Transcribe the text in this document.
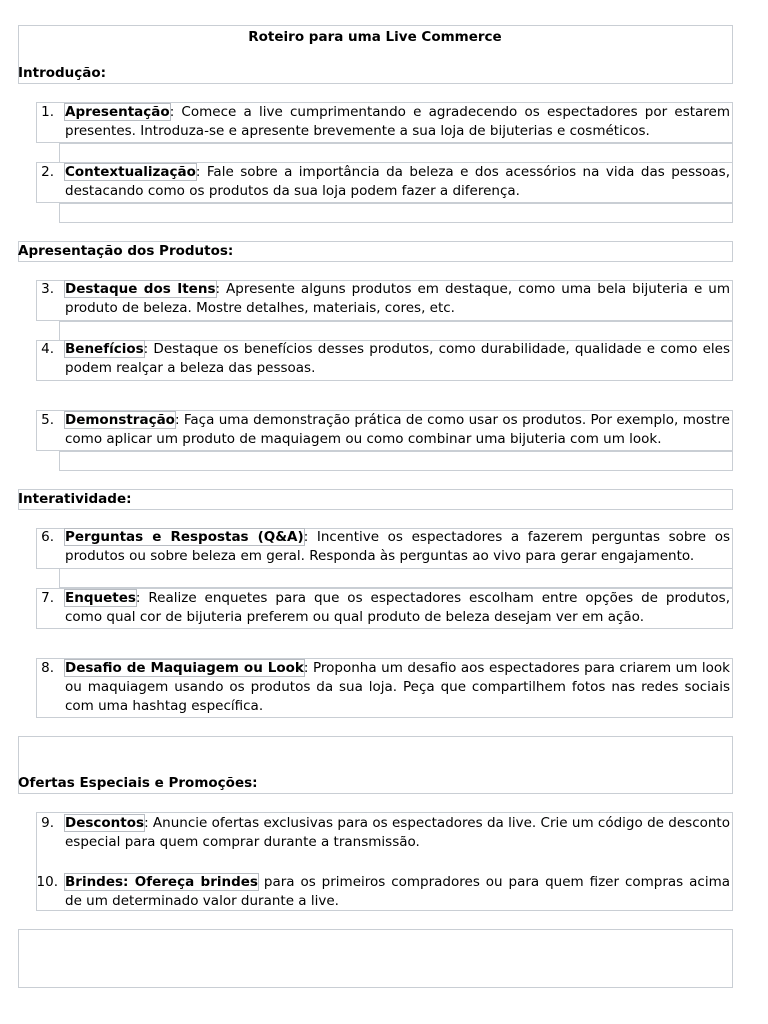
Roteiro para uma Live Commerce
Introdução:
Apresentação dos Produtos:
Interatividade:
Ofertas Especiais e Promoções:
1. Apresentação: Comece a live cumprimentando e agradecendo os espectadores por estarem presentes. Introduza-se e apresente brevemente a sua loja de bijuterias e cosméticos.
2. Contextualização: Fale sobre a importância da beleza e dos acessórios na vida das pessoas, destacando como os produtos da sua loja podem fazer a diferença.
3. Destaque dos Itens: Apresente alguns produtos em destaque, como uma bela bijuteria e um produto de beleza. Mostre detalhes, materiais, cores, etc.
4. Benefícios: Destaque os benefícios desses produtos, como durabilidade, qualidade e como eles podem realçar a beleza das pessoas.
5. Demonstração: Faça uma demonstração prática de como usar os produtos. Por exemplo, mostre como aplicar um produto de maquiagem ou como combinar uma bijuteria com um look.
6. Perguntas e Respostas (Q&A): Incentive os espectadores a fazerem perguntas sobre os produtos ou sobre beleza em geral. Responda às perguntas ao vivo para gerar engajamento.
7. Enquetes: Realize enquetes para que os espectadores escolham entre opções de produtos, como qual cor de bijuteria preferem ou qual produto de beleza desejam ver em ação.
8. Desafio de Maquiagem ou Look: Proponha um desafio aos espectadores para criarem um look ou maquiagem usando os produtos da sua loja. Peça que compartilhem fotos nas redes sociais com uma hashtag específica.
9. Descontos: Anuncie ofertas exclusivas para os espectadores da live. Crie um código de desconto especial para quem comprar durante a transmissão.
10. Brindes: Ofereça brindes para os primeiros compradores ou para quem fizer compras acima de um determinado valor durante a live.
